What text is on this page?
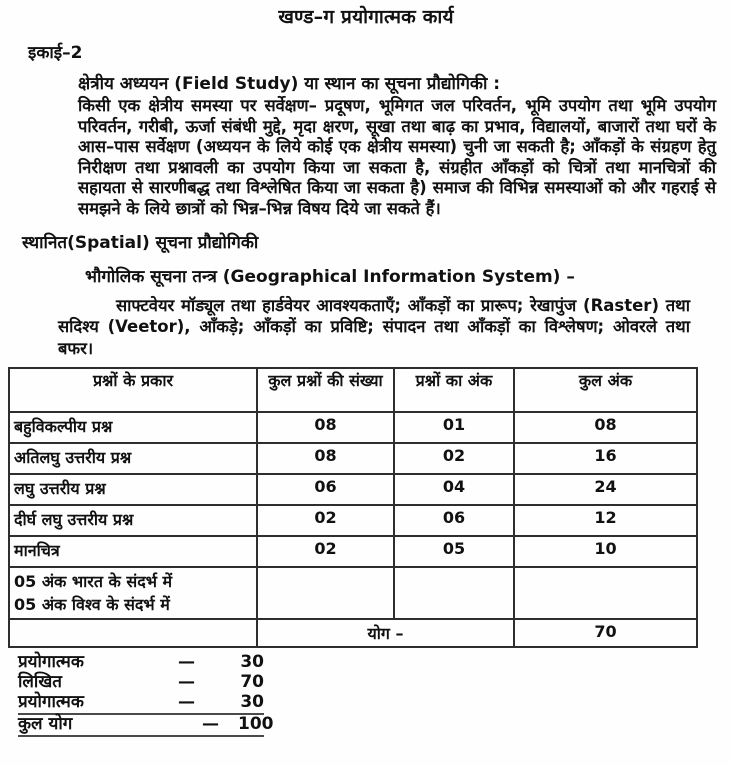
खण्ड–ग प्रयोगात्मक कार्य
इकाई–2
क्षेत्रीय अध्ययन (Field Study) या स्थान का सूचना प्रौद्योगिकी :
किसी एक क्षेत्रीय समस्या पर सर्वेक्षण– प्रदूषण, भूमिगत जल परिवर्तन, भूमि उपयोग तथा भूमि उपयोग परिवर्तन, गरीबी, ऊर्जा संबंधी मुद्दे, मृदा क्षरण, सूखा तथा बाढ़ का प्रभाव, विद्यालयों, बाजारों तथा घरों के आस–पास सर्वेक्षण (अध्ययन के लिये कोई एक क्षेत्रीय समस्या) चुनी जा सकती है; आँकड़ों के संग्रहण हेतु निरीक्षण तथा प्रश्नावली का उपयोग किया जा सकता है, संग्रहीत आँकड़ों को चित्रों तथा मानचित्रों की सहायता से सारणीबद्ध तथा विश्लेषित किया जा सकता है) समाज की विभिन्न समस्याओं को और गहराई से समझने के लिये छात्रों को भिन्न–भिन्न विषय दिये जा सकते हैं।
स्थानित(Spatial) सूचना प्रौद्योगिकी
भौगोलिक सूचना तन्त्र (Geographical Information System) –
साफ्टवेयर मॉड्यूल तथा हार्डवेयर आवश्यकताएँ; आँकड़ों का प्रारूप; रेखापुंज (Raster) तथा सदिश्य (Veetor), आँकड़े; आँकड़ों का प्रविष्टि; संपादन तथा आँकड़ों का विश्लेषण; ओवरले तथा बफर।
प्रश्नों के प्रकार	कुल प्रश्नों की संख्या	प्रश्नों का अंक	कुल अंक
बहुविकल्पीय प्रश्न	08	01	08
अतिलघु उत्तरीय प्रश्न	08	02	16
लघु उत्तरीय प्रश्न	06	04	24
दीर्घ लघु उत्तरीय प्रश्न	02	06	12
मानचित्र	02	05	10

05 अंक भारत के संदर्भ में
05 अंक विश्व के संदर्भ में			

	योग –		70
प्रयोगात्मक	—	30
लिखित	—	70
प्रयोगात्मक	—	30
कुल योग	—	100
